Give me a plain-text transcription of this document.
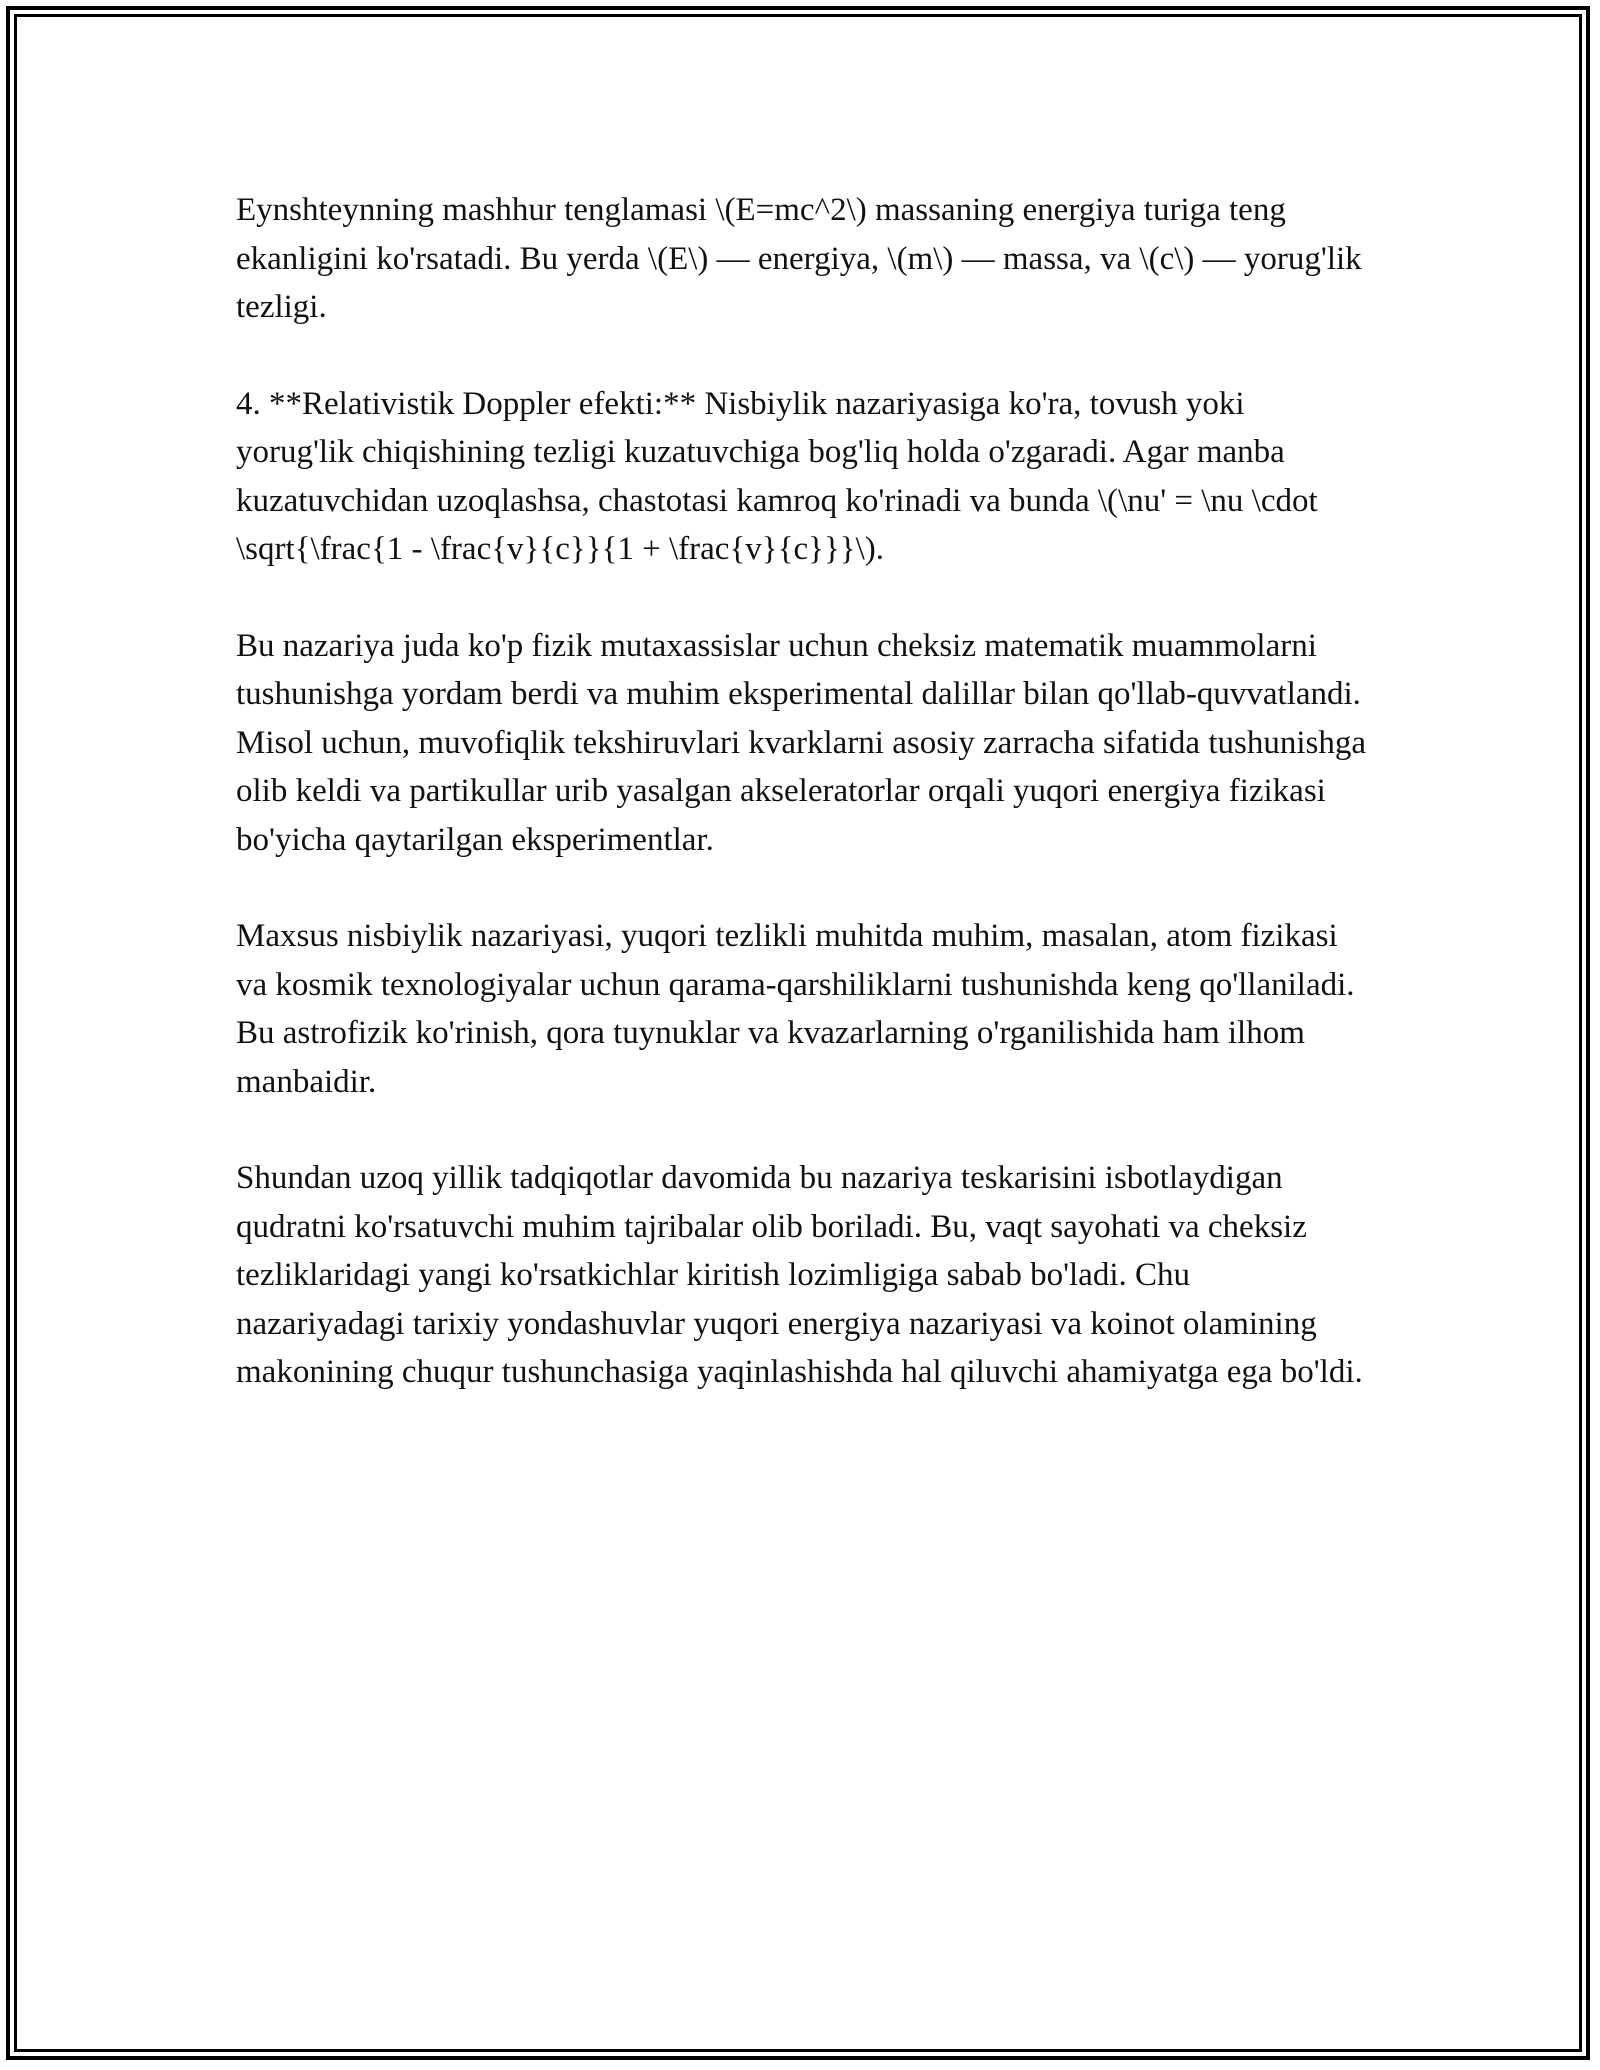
Eynshteynning mashhur tenglamasi \(E=mc^2\) massaning energiya turiga teng ekanligini ko'rsatadi. Bu yerda \(E\) — energiya, \(m\) — massa, va \(c\) — yorug'lik tezligi.

4. **Relativistik Doppler efekti:** Nisbiylik nazariyasiga ko'ra, tovush yoki yorug'lik chiqishining tezligi kuzatuvchiga bog'liq holda o'zgaradi. Agar manba kuzatuvchidan uzoqlashsa, chastotasi kamroq ko'rinadi va bunda \(\nu' = \nu \cdot \sqrt{\frac{1 - \frac{v}{c}}{1 + \frac{v}{c}}}\).

Bu nazariya juda ko'p fizik mutaxassislar uchun cheksiz matematik muammolarni tushunishga yordam berdi va muhim eksperimental dalillar bilan qo'llab-quvvatlandi. Misol uchun, muvofiqlik tekshiruvlari kvarklarni asosiy zarracha sifatida tushunishga olib keldi va partikullar urib yasalgan akseleratorlar orqali yuqori energiya fizikasi bo'yicha qaytarilgan eksperimentlar.

Maxsus nisbiylik nazariyasi, yuqori tezlikli muhitda muhim, masalan, atom fizikasi va kosmik texnologiyalar uchun qarama-qarshiliklarni tushunishda keng qo'llaniladi. Bu astrofizik ko'rinish, qora tuynuklar va kvazarlarning o'rganilishida ham ilhom manbaidir.

Shundan uzoq yillik tadqiqotlar davomida bu nazariya teskarisini isbotlaydigan qudratni ko'rsatuvchi muhim tajribalar olib boriladi. Bu, vaqt sayohati va cheksiz tezliklaridagi yangi ko'rsatkichlar kiritish lozimligiga sabab bo'ladi. Chu nazariyadagi tarixiy yondashuvlar yuqori energiya nazariyasi va koinot olamining makonining chuqur tushunchasiga yaqinlashishda hal qiluvchi ahamiyatga ega bo'ldi.
